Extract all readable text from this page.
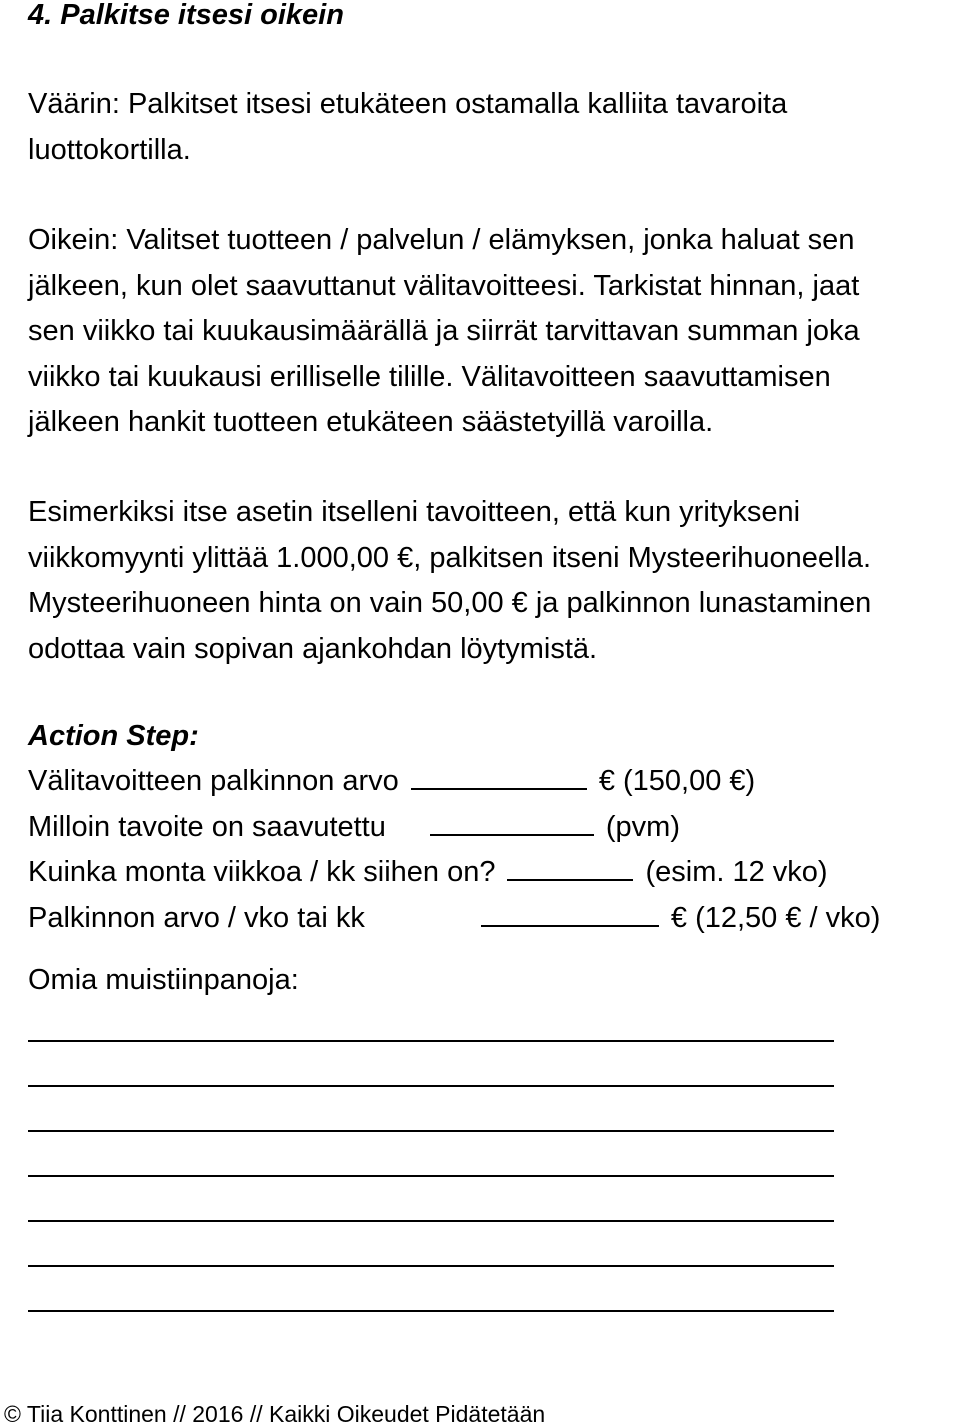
4. Palkitse itsesi oikein
Väärin: Palkitset itsesi etukäteen ostamalla kalliita tavaroita
luottokortilla.
Oikein: Valitset tuotteen / palvelun / elämyksen, jonka haluat sen
jälkeen, kun olet saavuttanut välitavoitteesi. Tarkistat hinnan, jaat
sen viikko tai kuukausimäärällä ja siirrät tarvittavan summan joka
viikko tai kuukausi erilliselle tilille. Välitavoitteen saavuttamisen
jälkeen hankit tuotteen etukäteen säästetyillä varoilla.
Esimerkiksi itse asetin itselleni tavoitteen, että kun yritykseni
viikkomyynti ylittää 1.000,00 €, palkitsen itseni Mysteerihuoneella.
Mysteerihuoneen hinta on vain 50,00 € ja palkinnon lunastaminen
odottaa vain sopivan ajankohdan löytymistä.
Action Step:
Välitavoitteen palkinnon arvo	€ (150,00 €)
Milloin tavoite on saavutettu	(pvm)
Kuinka monta viikkoa / kk siihen on?	(esim. 12 vko)
Palkinnon arvo / vko tai kk	€ (12,50 € / vko)

Omia muistiinpanoja:

© Tiia Konttinen // 2016 // Kaikki Oikeudet Pidätetään
